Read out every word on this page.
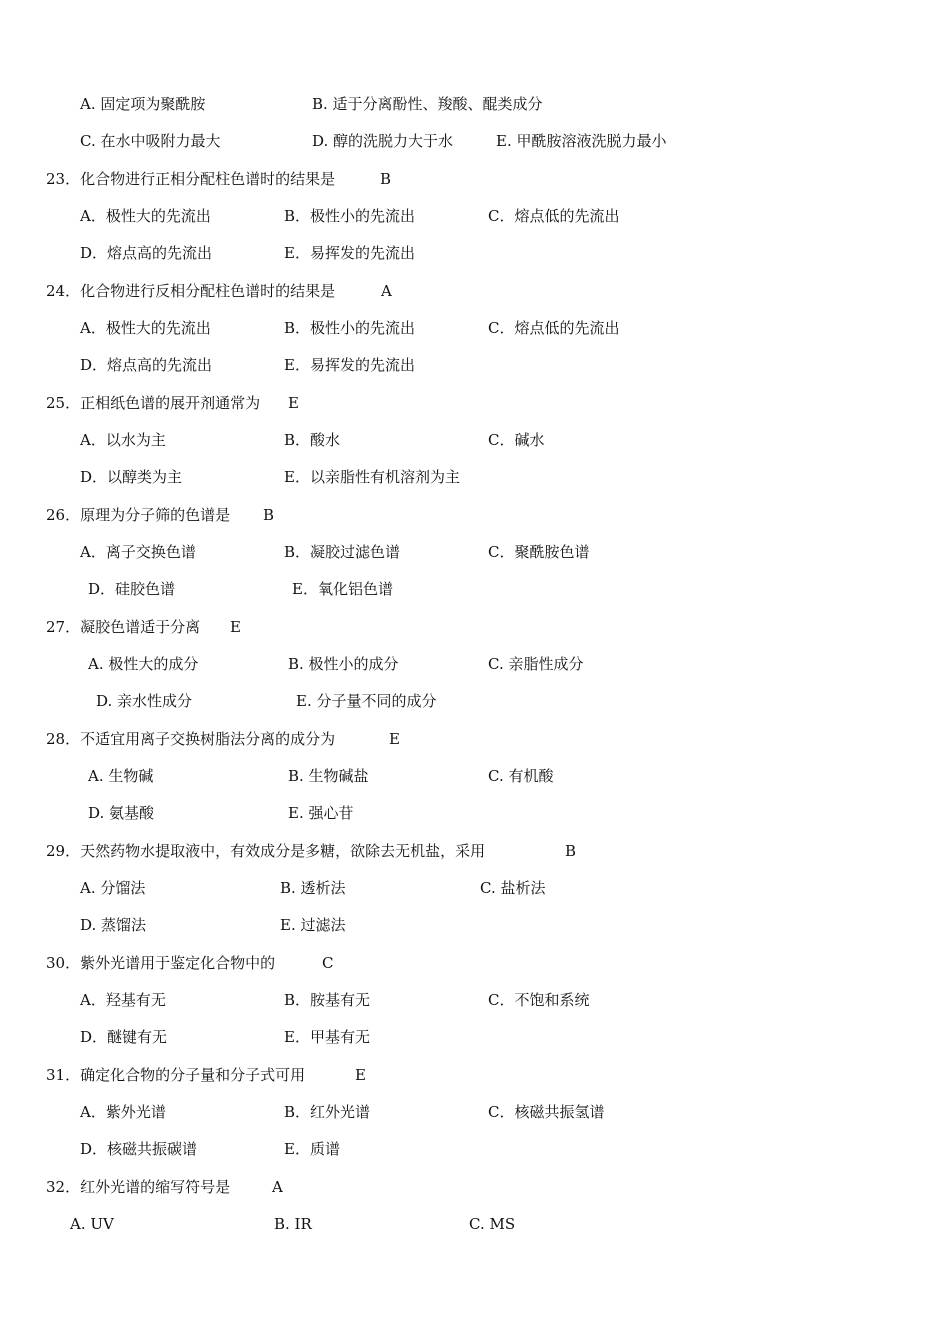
A. 固定项为聚酰胺	B. 适于分离酚性、羧酸、醌类成分
C. 在水中吸附力最大	D. 醇的洗脱力大于水	E. 甲酰胺溶液洗脱力最小
23．化合物进行正相分配柱色谱时的结果是	B
A．极性大的先流出	B．极性小的先流出	C．熔点低的先流出
D．熔点高的先流出	E．易挥发的先流出
24．化合物进行反相分配柱色谱时的结果是	A
A．极性大的先流出	B．极性小的先流出	C．熔点低的先流出
D．熔点高的先流出	E．易挥发的先流出
25．正相纸色谱的展开剂通常为 E
A．以水为主	B．酸水	C．碱水
D．以醇类为主	E．以亲脂性有机溶剂为主
26．原理为分子筛的色谱是 B
A．离子交换色谱	B．凝胶过滤色谱	C．聚酰胺色谱
D．硅胶色谱	E．氧化铝色谱
27．凝胶色谱适于分离 E
A. 极性大的成分	B. 极性小的成分	C. 亲脂性成分
D. 亲水性成分	E. 分子量不同的成分
28．不适宜用离子交换树脂法分离的成分为	E
A. 生物碱	B. 生物碱盐	C. 有机酸
D. 氨基酸	E. 强心苷
29．天然药物水提取液中，有效成分是多糖，欲除去无机盐，采用	B
A. 分馏法	B. 透析法	C. 盐析法
D. 蒸馏法	E. 过滤法
30．紫外光谱用于鉴定化合物中的	C
A．羟基有无	B．胺基有无	C．不饱和系统
D．醚键有无	E．甲基有无
31．确定化合物的分子量和分子式可用	E
A．紫外光谱	B．红外光谱	C．核磁共振氢谱
D．核磁共振碳谱	E．质谱
32．红外光谱的缩写符号是	A
A. UV	B. IR	C. MS
